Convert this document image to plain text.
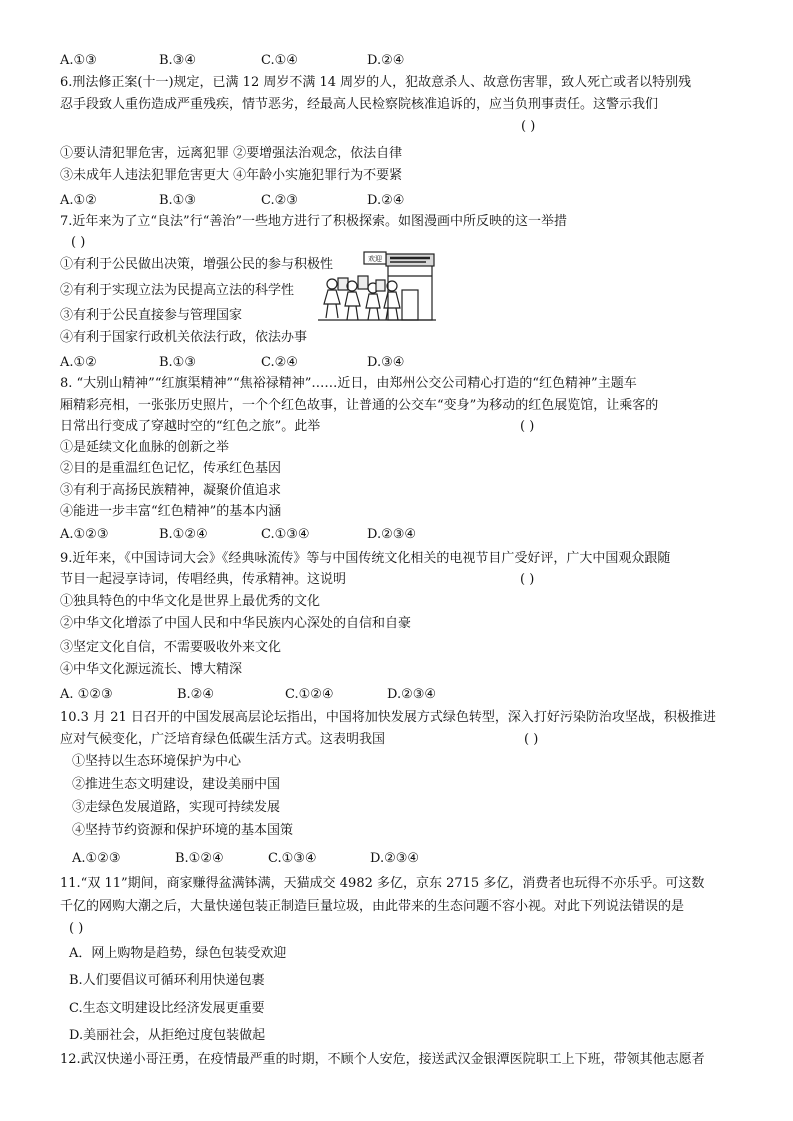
A.①③	B.③④	C.①④	D.②④
6.刑法修正案(十一)规定，已满 12 周岁不满 14 周岁的人，犯故意杀人、故意伤害罪，致人死亡或者以特别残
忍手段致人重伤造成严重残疾，情节恶劣，经最高人民检察院核准追诉的，应当负刑事责任。这警示我们
( )
①要认清犯罪危害，远离犯罪 ②要增强法治观念，依法自律
③未成年人违法犯罪危害更大 ④年龄小实施犯罪行为不要紧
A.①②	B.①③	C.②③	D.②④
7.近年来为了立“良法”行“善治”一些地方进行了积极探索。如图漫画中所反映的这一举措
( )
①有利于公民做出决策，增强公民的参与积极性
②有利于实现立法为民提高立法的科学性
③有利于公民直接参与管理国家
④有利于国家行政机关依法行政，依法办事
欢迎
A.①②	B.①③	C.②④	D.③④
8. “大别山精神”“红旗渠精神”“焦裕禄精神”……近日，由郑州公交公司精心打造的“红色精神”主题车
厢精彩亮相，一张张历史照片，一个个红色故事，让普通的公交车“变身”为移动的红色展览馆，让乘客的
日常出行变成了穿越时空的“红色之旅”。此举	( )
①是延续文化血脉的创新之举
②目的是重温红色记忆，传承红色基因
③有利于高扬民族精神，凝聚价值追求
④能进一步丰富“红色精神”的基本内涵
A.①②③	B.①②④	C.①③④	D.②③④
9.近年来，《中国诗词大会》《经典咏流传》等与中国传统文化相关的电视节目广受好评，广大中国观众跟随
节目一起浸享诗词，传唱经典，传承精神。这说明	( )
①独具特色的中华文化是世界上最优秀的文化
②中华文化增添了中国人民和中华民族内心深处的自信和自豪
③坚定文化自信，不需要吸收外来文化
④中华文化源远流长、博大精深
A. ①②③	B.②④	C.①②④	D.②③④
10.3 月 21 日召开的中国发展高层论坛指出，中国将加快发展方式绿色转型，深入打好污染防治攻坚战，积极推进
应对气候变化，广泛培育绿色低碳生活方式。这表明我国	( )
①坚持以生态环境保护为中心
②推进生态文明建设，建设美丽中国
③走绿色发展道路，实现可持续发展
④坚持节约资源和保护环境的基本国策
A.①②③	B.①②④	C.①③④	D.②③④
11.“双 11”期间，商家赚得盆满钵满，天猫成交 4982 多亿，京东 2715 多亿，消费者也玩得不亦乐乎。可这数
千亿的网购大潮之后，大量快递包装正制造巨量垃圾，由此带来的生态问题不容小视。对此下列说法错误的是
( )
A．网上购物是趋势，绿色包装受欢迎
B.人们要倡议可循环利用快递包裹
C.生态文明建设比经济发展更重要
D.美丽社会，从拒绝过度包装做起
12.武汉快递小哥汪勇，在疫情最严重的时期，不顾个人安危，接送武汉金银潭医院职工上下班，带领其他志愿者
